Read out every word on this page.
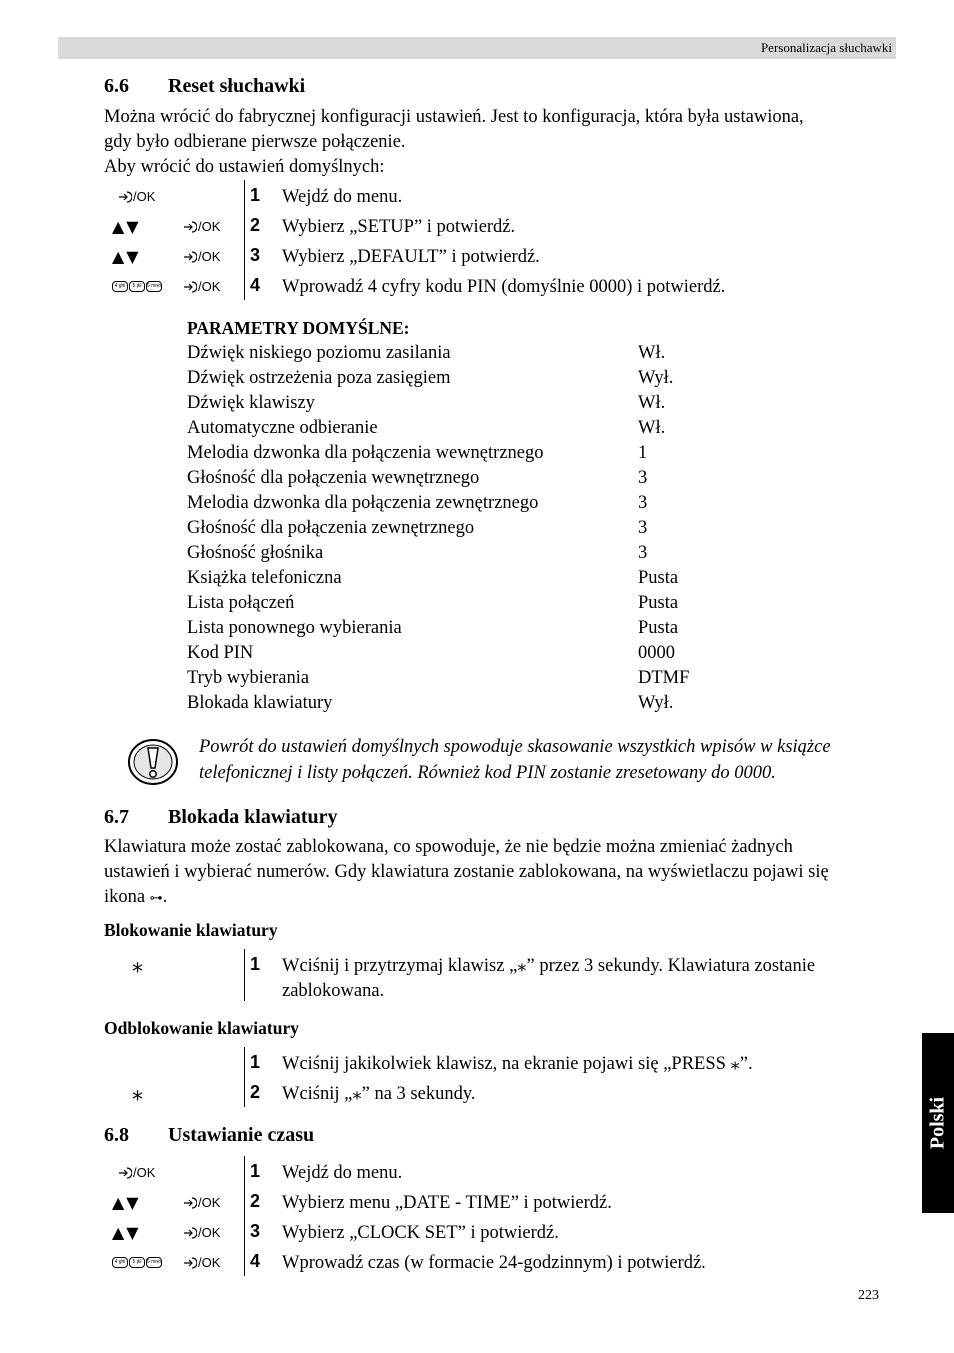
Personalizacja słuchawki
6.6 Reset słuchawki
Można wrócić do fabrycznej konfiguracji ustawień. Jest to konfiguracja, która była ustawiona,
gdy było odbierane pierwsze połączenie.
Aby wrócić do ustawień domyślnych:
/OK	1 Wejdź do menu.
▲▼	/OK 2 Wybierz „SETUP” i potwierdź.
▲▼	/OK 3 Wybierz „DEFAULT” i potwierdź.
4 ghi	5 jkl	6 mno	/OK 4 Wprowadź 4 cyfry kodu PIN (domyślnie 0000) i potwierdź.
PARAMETRY DOMYŚLNE:
Dźwięk niskiego poziomu zasilania	Wł.
Dźwięk ostrzeżenia poza zasięgiem	Wył.
Dźwięk klawiszy	Wł.
Automatyczne odbieranie	Wł.
Melodia dzwonka dla połączenia wewnętrznego	1
Głośność dla połączenia wewnętrznego	3
Melodia dzwonka dla połączenia zewnętrznego	3
Głośność dla połączenia zewnętrznego	3
Głośność głośnika	3
Książka telefoniczna	Pusta
Lista połączeń	Pusta
Lista ponownego wybierania	Pusta
Kod PIN	0000
Tryb wybierania	DTMF
Blokada klawiatury	Wył.
Powrót do ustawień domyślnych spowoduje skasowanie wszystkich wpisów w książce
telefonicznej i listy połączeń. Również kod PIN zostanie zresetowany do 0000.
6.7 Blokada klawiatury
Klawiatura może zostać zablokowana, co spowoduje, że nie będzie można zmieniać żadnych
ustawień i wybierać numerów. Gdy klawiatura zostanie zablokowana, na wyświetlaczu pojawi się
ikona ⊶.
Blokowanie klawiatury
⁎	1 Wciśnij i przytrzymaj klawisz „⁎” przez 3 sekundy. Klawiatura zostanie
zablokowana.
Odblokowanie klawiatury
1 Wciśnij jakikolwiek klawisz, na ekranie pojawi się „PRESS ⁎”.
⁎	2 Wciśnij „⁎” na 3 sekundy.
6.8 Ustawianie czasu
/OK	1 Wejdź do menu.
▲▼	/OK 2 Wybierz menu „DATE - TIME” i potwierdź.
▲▼	/OK 3 Wybierz „CLOCK SET” i potwierdź.
4 ghi	5 jkl	6 mno	/OK 4 Wprowadź czas (w formacie 24-godzinnym) i potwierdź.
Polski
223
